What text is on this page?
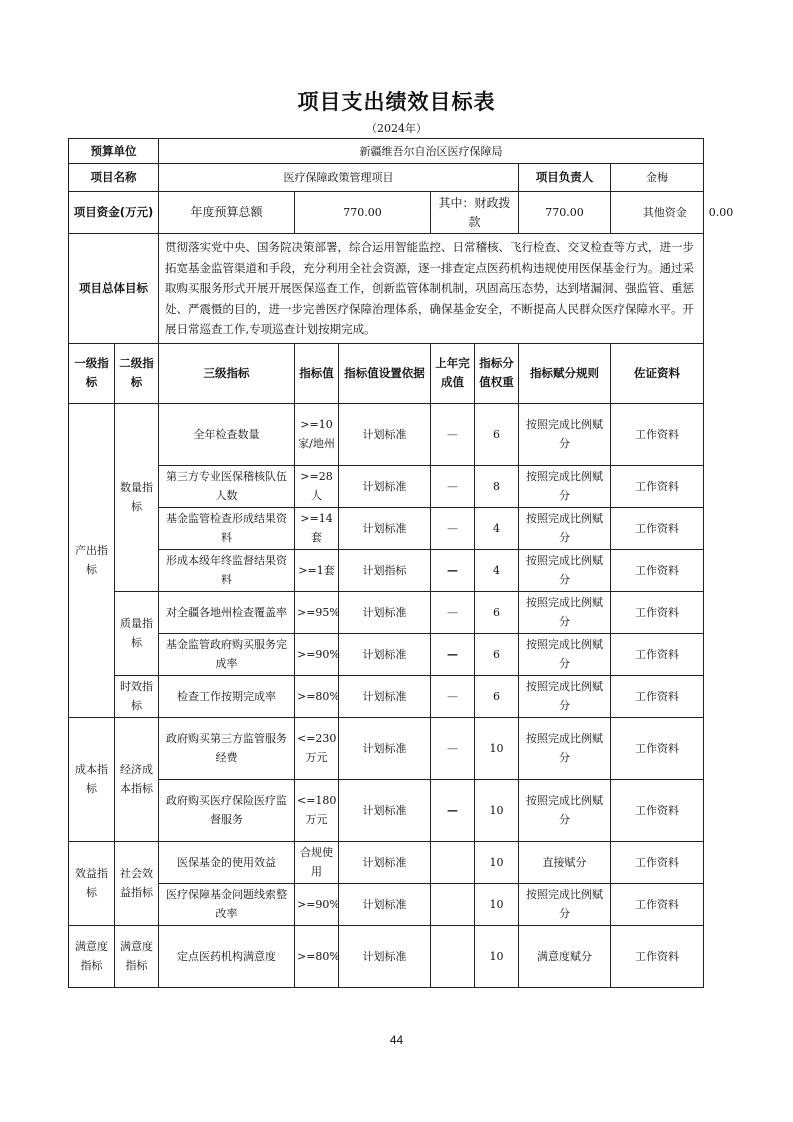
项目支出绩效目标表
（2024年）
预算单位		新疆维吾尔自治区医疗保障局						
项目名称		医疗保障政策管理项目					项目负责人	金梅
项目资金(万元)		年度预算总额	770.00		其中：财政拨款		770.00	其他资金 0.00
项目总体目标		贯彻落实党中央、国务院决策部署，综合运用智能监控、日常稽核、飞行检查、交叉检查等方式，进一步拓宽基金监管渠道和手段，充分利用全社会资源，逐一排查定点医药机构违规使用医保基金行为。通过采取购买服务形式开展开展医保巡查工作，创新监管体制机制，巩固高压态势，达到堵漏洞、强监管、重惩处、严震慑的目的，进一步完善医疗保障治理体系，确保基金安全，不断提高人民群众医疗保障水平。开展日常巡查工作,专项巡查计划按期完成。						
一级指标	二级指标	三级指标	指标值	指标值设置依据	上年完成值	指标分值权重	指标赋分规则	佐证资料
产出指标	数量指标	全年检查数量	>=10家/地州	计划标准	—	6	按照完成比例赋分	工作资料
		第三方专业医保稽核队伍人数	>=28人	计划标准	—	8	按照完成比例赋分	工作资料
		基金监管检查形成结果资料	>=14套	计划标准	—	4	按照完成比例赋分	工作资料
		形成本级年终监督结果资料	>=1套	计划指标	—	4	按照完成比例赋分	工作资料
	质量指标	对全疆各地州检查覆盖率	>=95%	计划标准	—	6	按照完成比例赋分	工作资料
		基金监管政府购买服务完成率	>=90%	计划标准	—	6	按照完成比例赋分	工作资料
	时效指标	检查工作按期完成率	>=80%	计划标准	—	6	按照完成比例赋分	工作资料
成本指标	经济成本指标	政府购买第三方监管服务经费	<=230万元	计划标准	—	10	按照完成比例赋分	工作资料
		政府购买医疗保险医疗监督服务	<=180万元	计划标准	—	10	按照完成比例赋分	工作资料
效益指标	社会效益指标	医保基金的使用效益	合规使用	计划标准		10	直接赋分	工作资料
		医疗保障基金问题线索整改率	>=90%	计划标准		10	按照完成比例赋分	工作资料
满意度指标	满意度指标	定点医药机构满意度	>=80%	计划标准		10	满意度赋分	工作资料
44
